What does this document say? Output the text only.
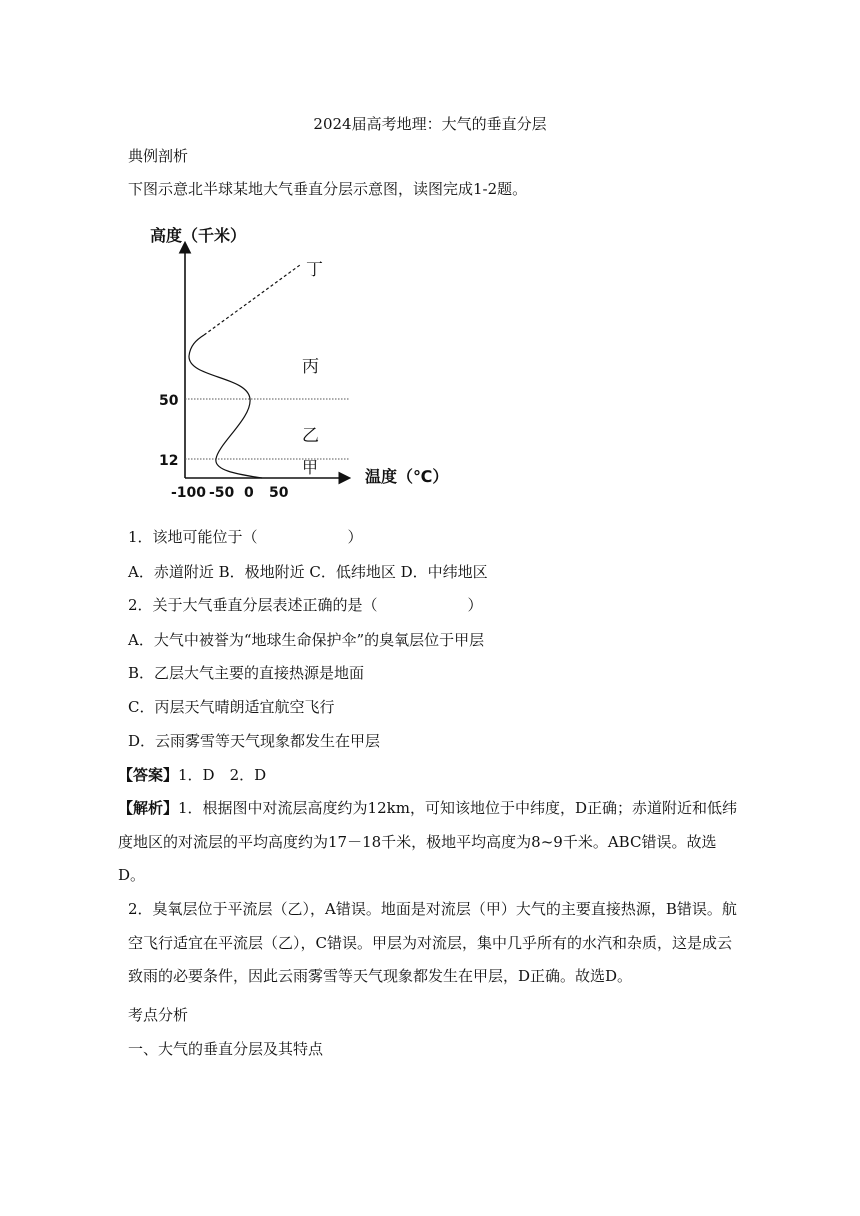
2024届高考地理：大气的垂直分层
典例剖析
下图示意北半球某地大气垂直分层示意图，读图完成1-2题。
高度（千米）
温度（℃）
丁
丙
乙
甲
50
12
-100 -50 0 50
1．该地可能位于（　　　　　　）
A．赤道附近 B．极地附近 C．低纬地区 D．中纬地区
2．关于大气垂直分层表述正确的是（　　　　　　）
A．大气中被誉为“地球生命保护伞”的臭氧层位于甲层
B．乙层大气主要的直接热源是地面
C．丙层天气晴朗适宜航空飞行
D．云雨雾雪等天气现象都发生在甲层
【答案】1．D　2．D
【解析】1．根据图中对流层高度约为12km，可知该地位于中纬度，D正确；赤道附近和低纬度地区的对流层的平均高度约为17－18千米，极地平均高度为8~9千米。ABC错误。故选D。
2．臭氧层位于平流层（乙），A错误。地面是对流层（甲）大气的主要直接热源，B错误。航空飞行适宜在平流层（乙），C错误。甲层为对流层，集中几乎所有的水汽和杂质，这是成云致雨的必要条件，因此云雨雾雪等天气现象都发生在甲层，D正确。故选D。
考点分析
一、大气的垂直分层及其特点
